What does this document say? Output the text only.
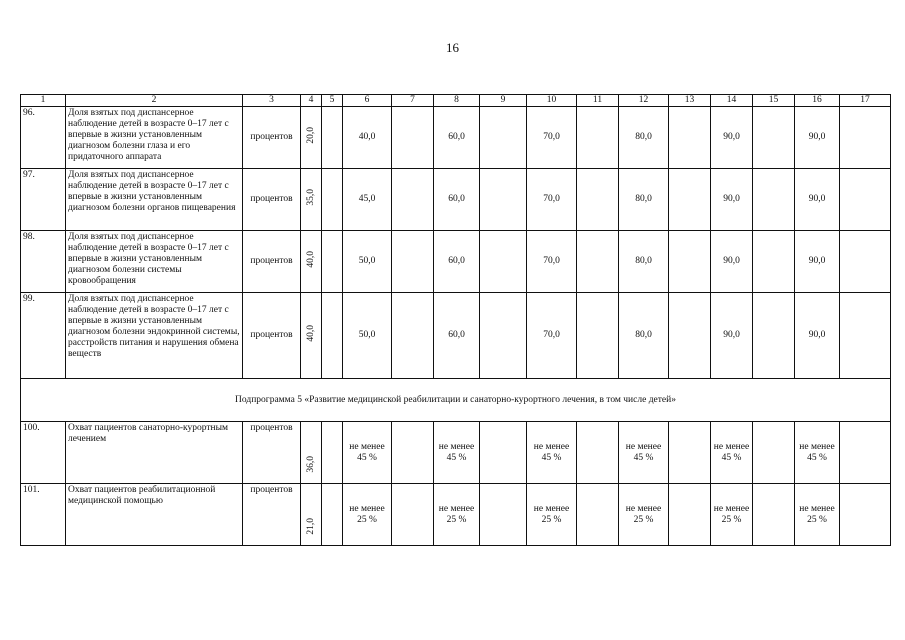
16
1	2	3	4	5	6	7	8	9	10	11	12	13	14	15	16	17
96.	Доля взятых под диспансерное наблюдение детей в возрасте 0–17 лет с впервые в жизни установленным диагнозом болезни глаза и его придаточного аппарата	процентов	20,0		40,0		60,0		70,0		80,0		90,0		90,0	
97.	Доля взятых под диспансерное наблюдение детей в возрасте 0–17 лет с впервые в жизни установленным диагнозом болезни органов пищеварения	процентов	35,0		45,0		60,0		70,0		80,0		90,0		90,0	
98.	Доля взятых под диспансерное наблюдение детей в возрасте 0–17 лет с впервые в жизни установленным диагнозом болезни системы кровообращения	процентов	40,0		50,0		60,0		70,0		80,0		90,0		90,0	
99.	Доля взятых под диспансерное наблюдение детей в возрасте 0–17 лет с впервые в жизни установленным диагнозом болезни эндокринной системы, расстройств питания и нарушения обмена веществ	процентов	40,0		50,0		60,0		70,0		80,0		90,0		90,0	
Подпрограмма 5 «Развитие медицинской реабилитации и санаторно-курортного лечения, в том числе детей»																
100.	Охват пациентов санаторно-курортным лечением	процентов	36,0		не менее 45 %		не менее 45 %		не менее 45 %		не менее 45 %		не менее 45 %		не менее 45 %	
101.	Охват пациентов реабилитационной медицинской помощью	процентов	21,0		не менее 25 %		не менее 25 %		не менее 25 %		не менее 25 %		не менее 25 %		не менее 25 %	
